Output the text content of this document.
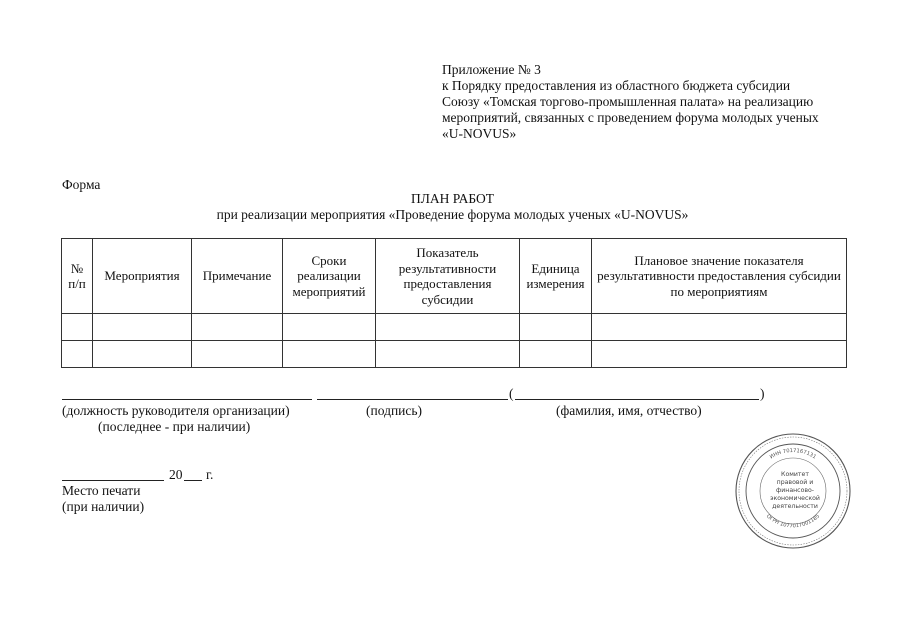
Приложение № 3
к Порядку предоставления из областного бюджета субсидии
Союзу «Томская торгово-промышленная палата» на реализацию
мероприятий, связанных с проведением форума молодых ученых
«U-NOVUS»
Форма
ПЛАН РАБОТ
при реализации мероприятия «Проведение форума молодых ученых «U-NOVUS»
№ п/п	Мероприятия	Примечание	Сроки реализации мероприятий	Показатель результативности предоставления субсидии	Единица измерения	Плановое значение показателя результативности предоставления субсидии по мероприятиям

(	)
(должность руководителя организации)
(последнее - при наличии)
(подпись)	(фамилия, имя, отчество)
20 г.
Место печати
(при наличии)
ИНН 7017167131
ОГРН 1077017001185
Комитет
правовой и
финансово-
экономической
деятельности
